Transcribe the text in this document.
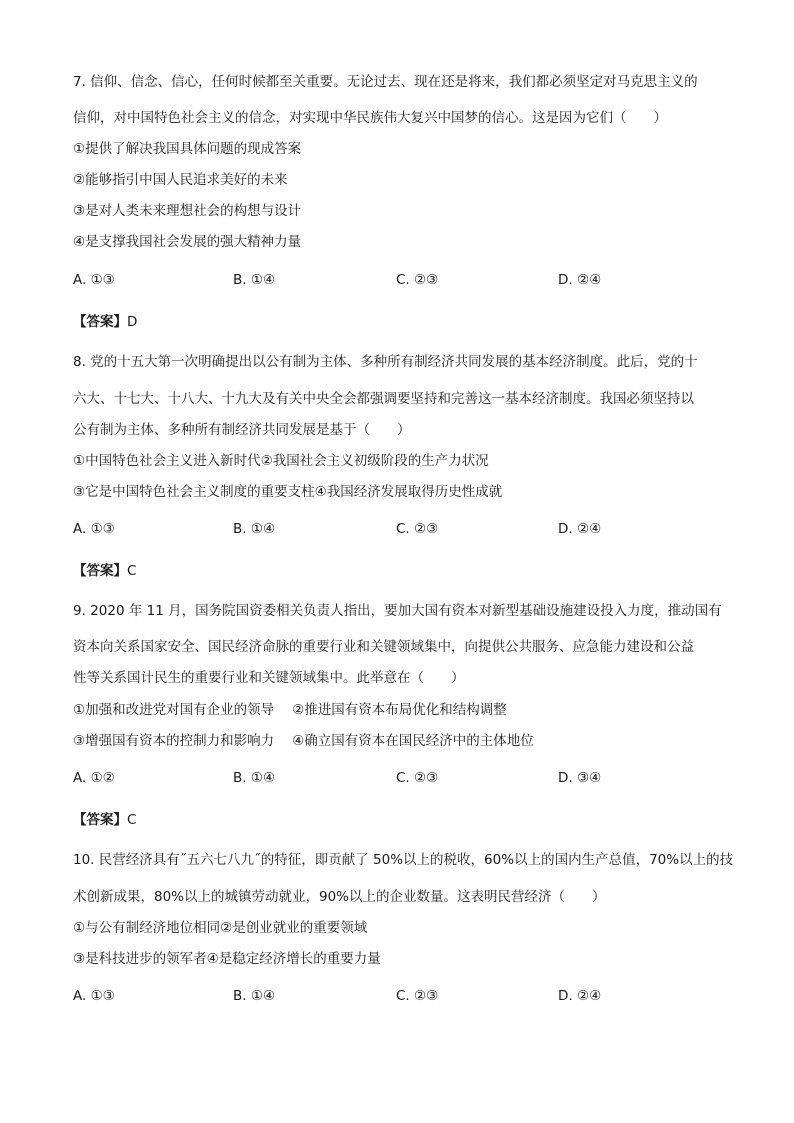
7. 信仰、信念、信心，任何时候都至关重要。无论过去、现在还是将来，我们都必须坚定对马克思主义的
信仰，对中国特色社会主义的信念，对实现中华民族伟大复兴中国梦的信心。这是因为它们（　　）
①提供了解决我国具体问题的现成答案
②能够指引中国人民追求美好的未来
③是对人类未来理想社会的构想与设计
④是支撑我国社会发展的强大精神力量
A. ①③	B. ①④	C. ②③	D. ②④
【答案】D
8. 党的十五大第一次明确提出以公有制为主体、多种所有制经济共同发展的基本经济制度。此后，党的十
六大、十七大、十八大、十九大及有关中央全会都强调要坚持和完善这一基本经济制度。我国必须坚持以
公有制为主体、多种所有制经济共同发展是基于（　　）
①中国特色社会主义进入新时代②我国社会主义初级阶段的生产力状况
③它是中国特色社会主义制度的重要支柱④我国经济发展取得历史性成就
A. ①③	B. ①④	C. ②③	D. ②④
【答案】C
9. 2020 年 11 月，国务院国资委相关负责人指出，要加大国有资本对新型基础设施建设投入力度，推动国有
资本向关系国家安全、国民经济命脉的重要行业和关键领域集中，向提供公共服务、应急能力建设和公益
性等关系国计民生的重要行业和关键领域集中。此举意在（　　）
①加强和改进党对国有企业的领导 ②推进国有资本布局优化和结构调整
③增强国有资本的控制力和影响力 ④确立国有资本在国民经济中的主体地位
A. ①②	B. ①④	C. ②③	D. ③④
【答案】C
10. 民营经济具有˝五六七八九˝的特征，即贡献了 50%以上的税收，60%以上的国内生产总值，70%以上的技
术创新成果，80%以上的城镇劳动就业，90%以上的企业数量。这表明民营经济（　　）
①与公有制经济地位相同②是创业就业的重要领域
③是科技进步的领军者④是稳定经济增长的重要力量
A. ①③	B. ①④	C. ②③	D. ②④
